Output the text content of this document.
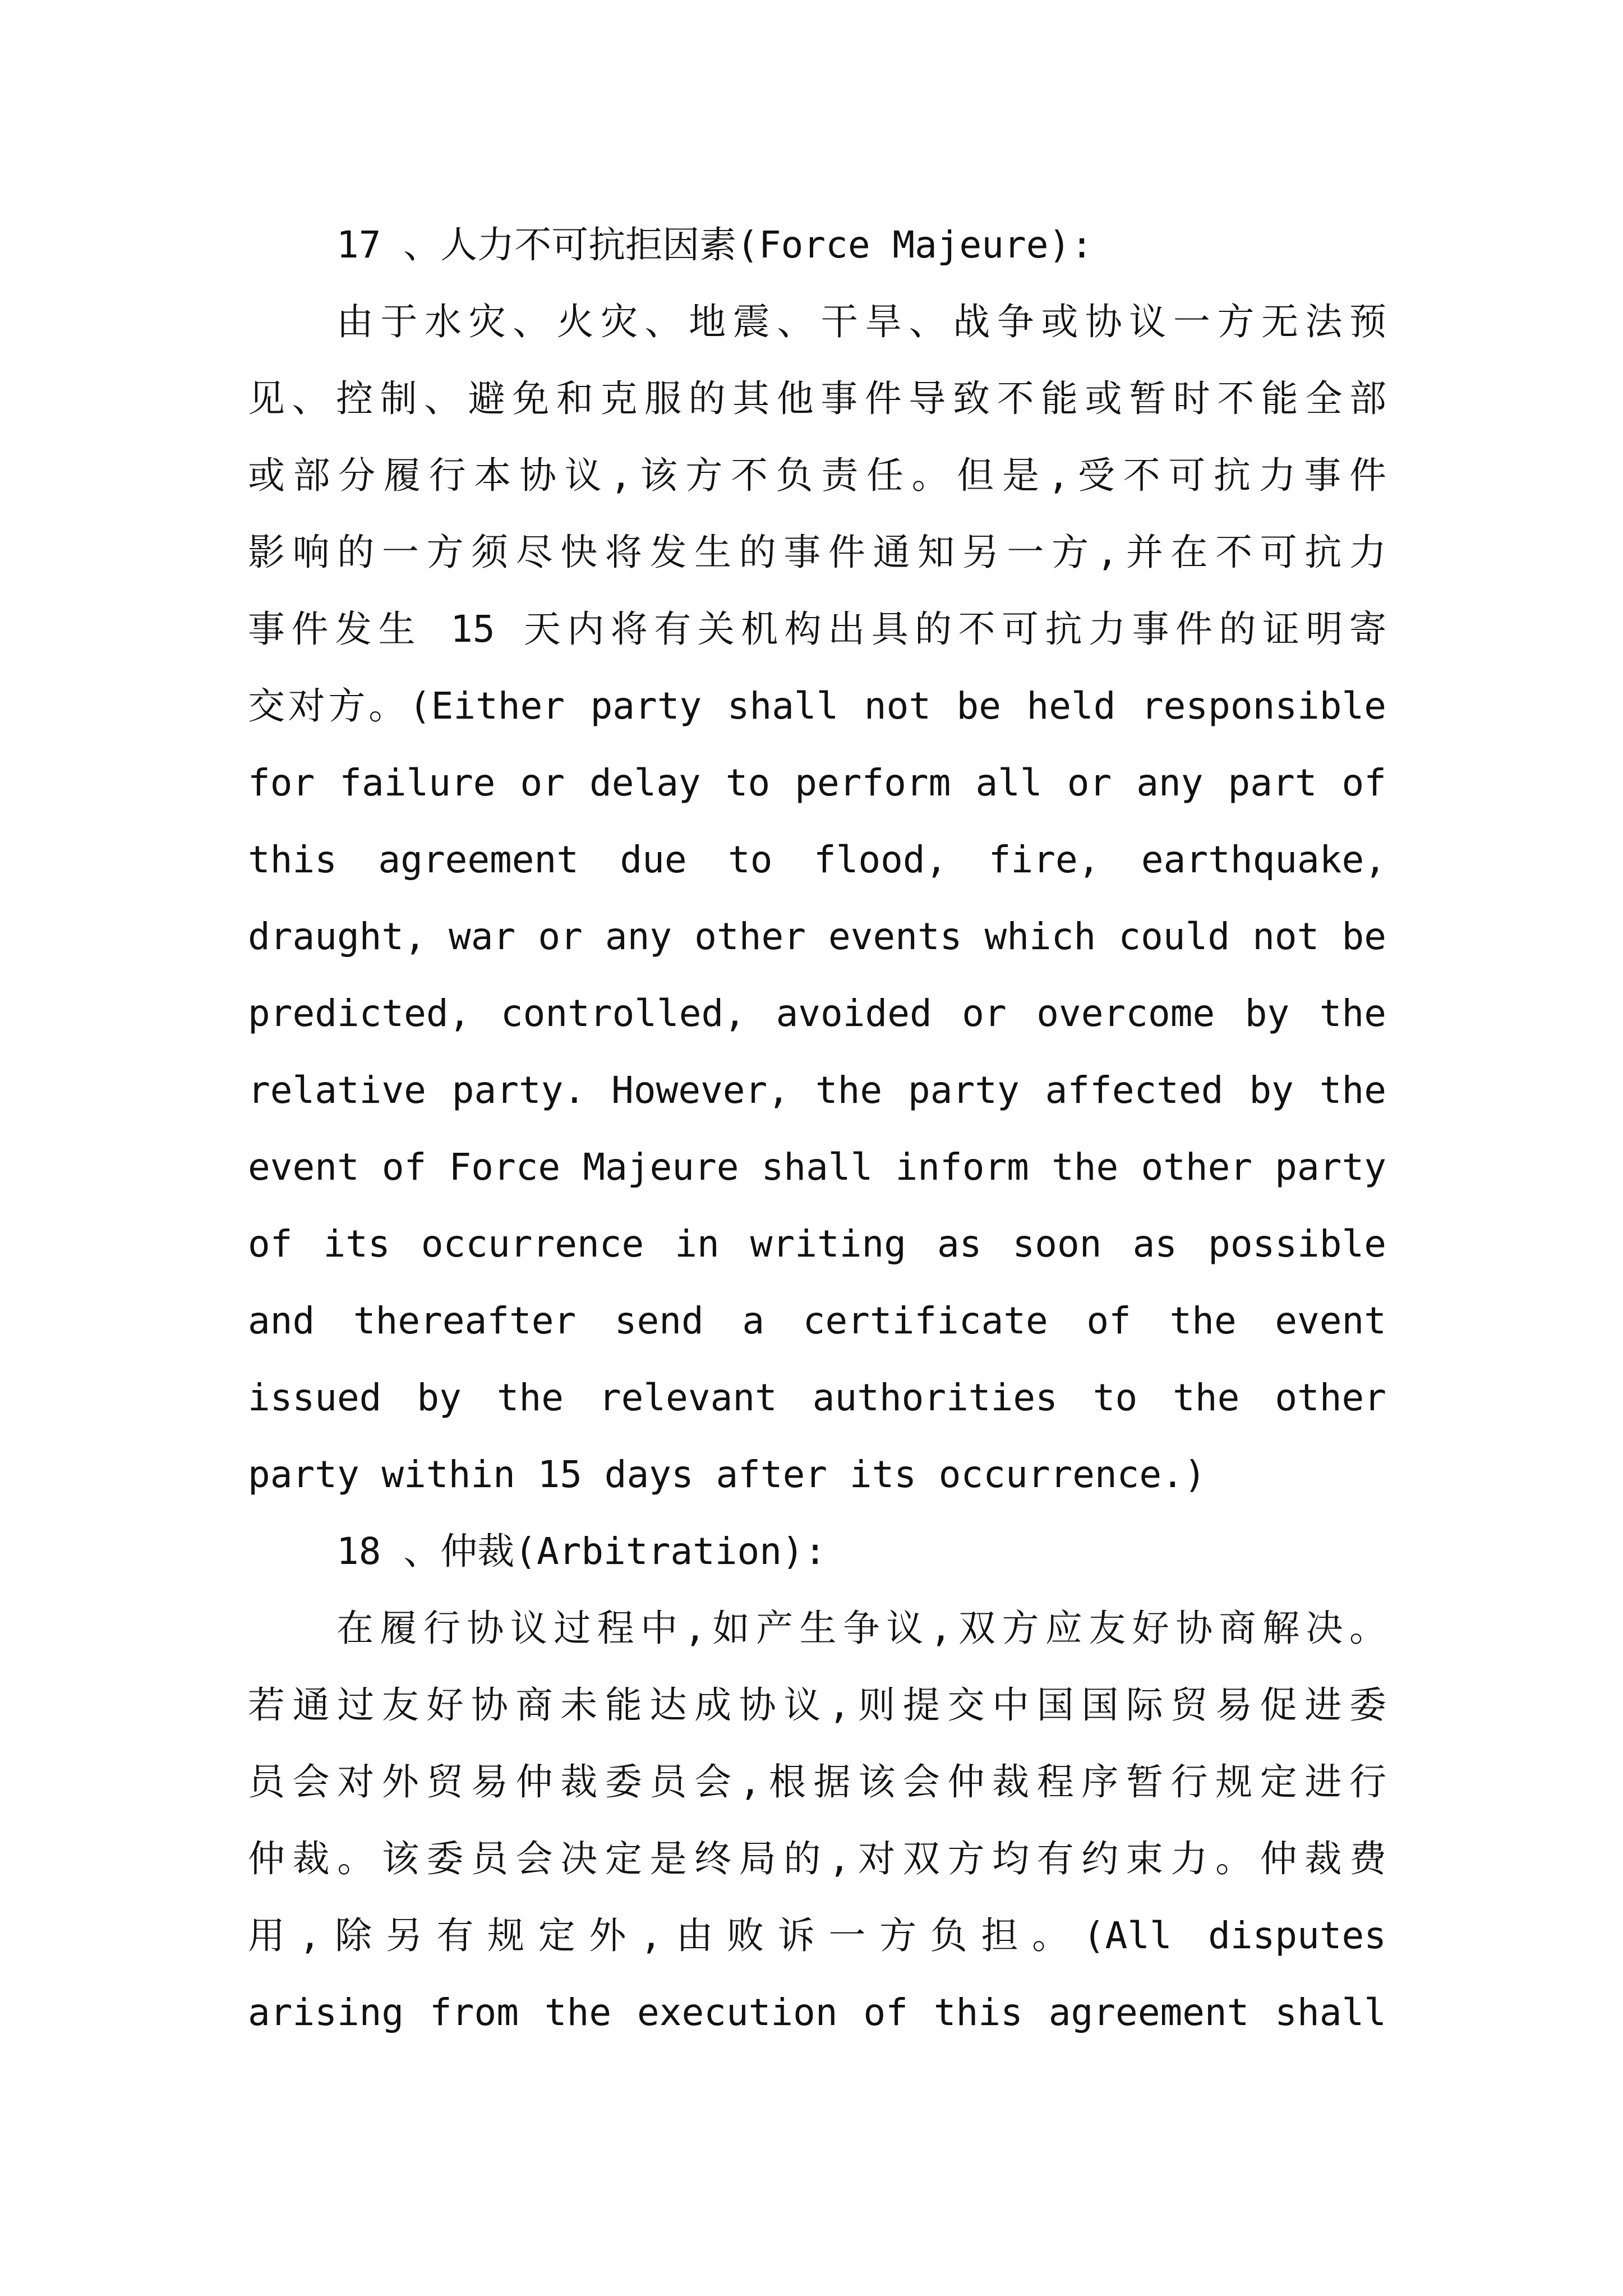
17 、人力不可抗拒因素(Force Majeure):
由于水灾、火灾、地震、干旱、战争或协议一方无法预
见、控制、避免和克服的其他事件导致不能或暂时不能全部
或部分履行本协议,该方不负责任。但是,受不可抗力事件
影响的一方须尽快将发生的事件通知另一方,并在不可抗力
事件发生 15 天内将有关机构出具的不可抗力事件的证明寄
交对方。(Either party shall not be held responsible
for failure or delay to perform all or any part of
this agreement due to flood, fire, earthquake,
draught, war or any other events which could not be
predicted, controlled, avoided or overcome by the
relative party. However, the party affected by the
event of Force Majeure shall inform the other party
of its occurrence in writing as soon as possible
and thereafter send a certificate of the event
issued by the relevant authorities to the other
party within 15 days after its occurrence.)
18 、仲裁(Arbitration):
在履行协议过程中,如产生争议,双方应友好协商解决。
若通过友好协商未能达成协议,则提交中国国际贸易促进委
员会对外贸易仲裁委员会,根据该会仲裁程序暂行规定进行
仲裁。该委员会决定是终局的,对双方均有约束力。仲裁费
用,除另有规定外,由败诉一方负担。(All disputes
arising from the execution of this agreement shall
